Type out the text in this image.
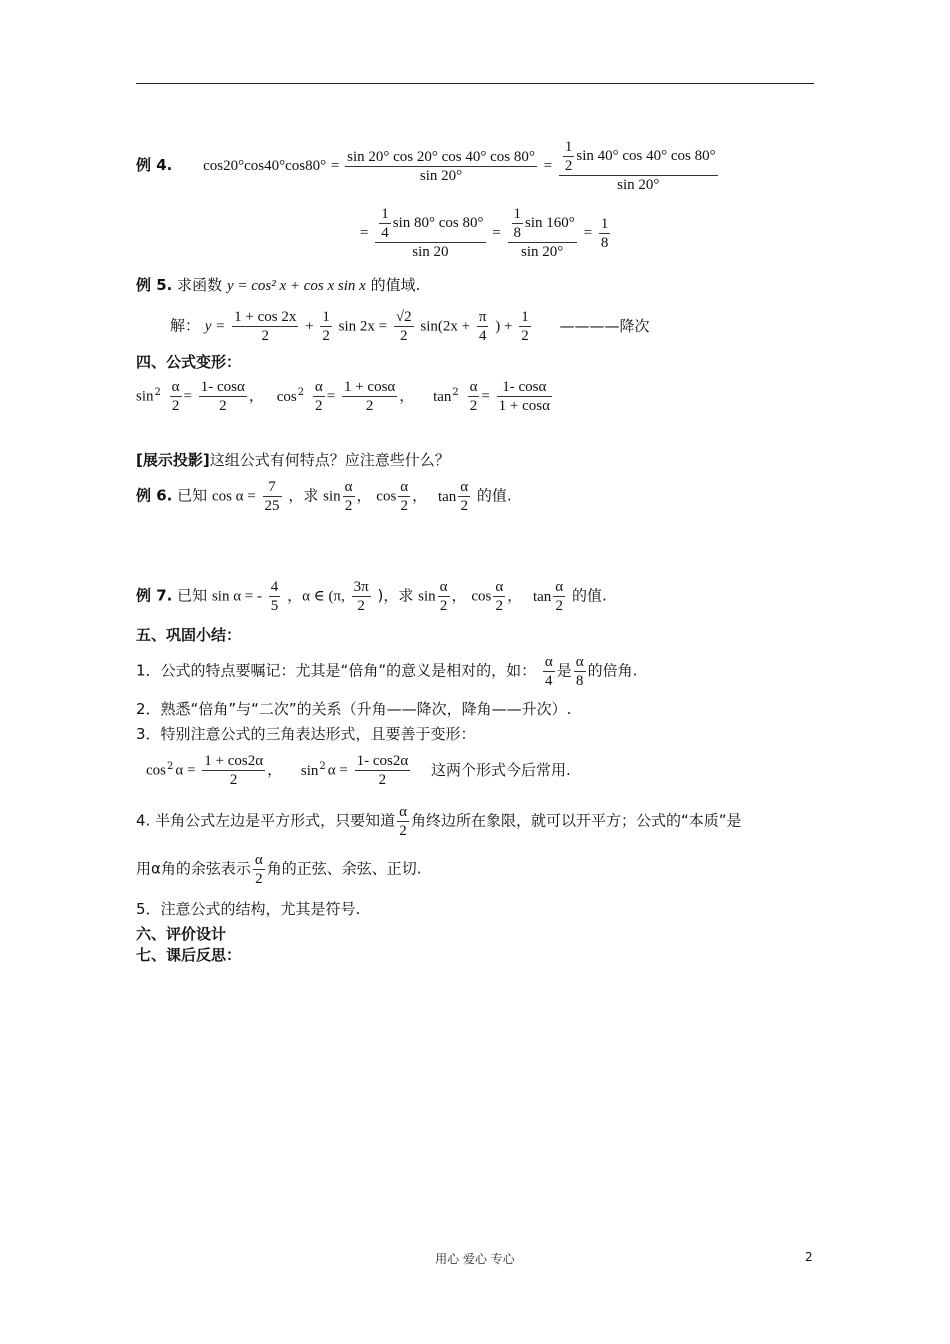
例 4. $\cos 20^\circ\cos 40^\circ\cos 80^\circ = \frac{\sin 20^\circ \cos 20^\circ \cos 40^\circ \cos 80^\circ}{\sin 20^\circ} = \frac{\frac{1}{2} \sin 40^\circ \cos 40^\circ \cos 80^\circ}{\sin 20^\circ}$
= $\frac{\frac{1}{4} \sin 80^\circ \cos 80^\circ}{\sin 20} = \frac{\frac{1}{8} \sin 160^\circ}{\sin 20^\circ} = \frac{1}{8}$
例 5. 求函数 y = cos² x + cos x sin x 的值域.
解： $y = \frac{1 + \cos 2x}{2} + \frac{1}{2}$ $\sin 2x = \frac{√2}{2} \sin(2x + \frac{\pi}{4}$ ) + $\frac{1}{2}$ ————降次
四、公式变形：
$\sin^2 \frac{\alpha}{2} = \frac{1- \cos\alpha}{2}$ ， $\cos^2 \frac{\alpha}{2} = \frac{1 + \cos\alpha}{2}$ ， $\tan^2 \frac{\alpha}{2} = \frac{1- \cos\alpha}{1 + \cos\alpha}$
[展示投影]这组公式有何特点？应注意些什么？
例 6. 已知 $\cos \alpha = \frac{7}{25}$ ，求 $\sin \frac{\alpha}{2}$ ， $\cos \frac{\alpha}{2}$ ， $\tan \frac{\alpha}{2}$ 的值.
例 7. 已知 sin α = - $\frac{4}{5}$ ，α ∈ (π, $\frac{3\pi}{2}$ )，求 $\sin \frac{\alpha}{2}$ ， $\cos \frac{\alpha}{2}$ ， $\tan \frac{\alpha}{2}$ 的值.
五、巩固小结：
1．公式的特点要嘱记：尤其是“倍角”的意义是相对的，如： $\frac{\alpha}{4}$ 是 $\frac{\alpha}{8}$ 的倍角.
2．熟悉“倍角”与“二次”的关系（升角——降次，降角——升次）.
3．特别注意公式的三角表达形式，且要善于变形：
$\cos^2 \alpha = \frac{1 + \cos 2\alpha}{2}$ ， $\sin^2 \alpha = \frac{1- \cos 2\alpha}{2}$ 这两个形式今后常用.
4. 半角公式左边是平方形式，只要知道 $\frac{\alpha}{2}$ 角终边所在象限，就可以开平方；公式的“本质”是
用α角的余弦表示 $\frac{\alpha}{2}$ 角的正弦、余弦、正切.
5．注意公式的结构，尤其是符号.
六、评价设计
七、课后反思：
用心 爱心 专心	2
